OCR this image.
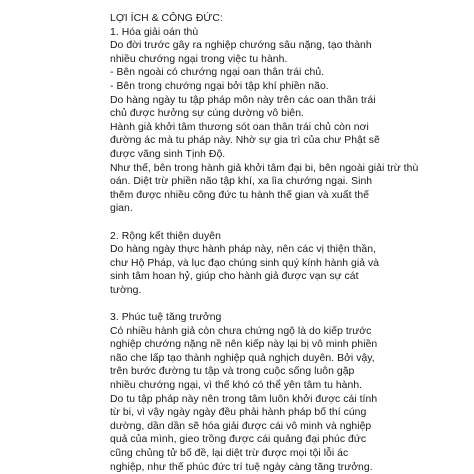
LỢI ÍCH & CÔNG ĐỨC:
1. Hóa giải oán thù
Do đời trước gây ra nghiệp chướng sâu nặng, tạo thành
nhiều chướng ngại trong việc tu hành.
- Bên ngoài có chướng ngại oan thân trái chủ.
- Bên trong chướng ngại bởi tập khí phiền não.
Do hàng ngày tu tập pháp môn này trên các oan thân trái
chủ được hưởng sự cúng dường vô biên.
Hành giả khởi tâm thương sót oan thân trái chủ còn nơi
đường ác mà tu pháp này. Nhờ sự gia trì của chư Phật sẽ
được vãng sinh Tịnh Độ.
Như thế, bên trong hành giả khởi tâm đại bi, bên ngoài giải trừ thù
oán. Diệt trừ phiền não tập khí, xa lìa chướng ngại. Sinh
thêm được nhiều công đức tu hành thế gian và xuất thế
gian.
2. Rộng kết thiện duyên
Do hàng ngày thực hành pháp này, nên các vị thiện thần,
chư Hộ Pháp, và lục đạo chúng sinh quý kính hành giả và
sinh tâm hoan hỷ, giúp cho hành giả được vạn sự cát
tường.
3. Phúc tuệ tăng trưởng
Có nhiều hành giả còn chưa chứng ngộ là do kiếp trước
nghiệp chướng nặng nề nên kiếp này lại bị vô minh phiền
não che lấp tạo thành nghiệp quả nghịch duyên. Bởi vậy,
trên bước đường tu tập và trong cuộc sống luôn gặp
nhiều chướng ngại, vì thế khó có thể yên tâm tu hành.
Do tu tập pháp này nên trong tâm luôn khởi được cái tính
từ bi, vì vậy ngày ngày đều phải hành pháp bố thí cúng
dường, dần dần sẽ hóa giải được cái vô minh và nghiệp
quả của mình, gieo trồng được cái quảng đại phúc đức
cũng chủng tử bố đề, lại diệt trừ được mọi tội lỗi ác
nghiệp, như thế phúc đức trí tuệ ngày càng tăng trưởng.
